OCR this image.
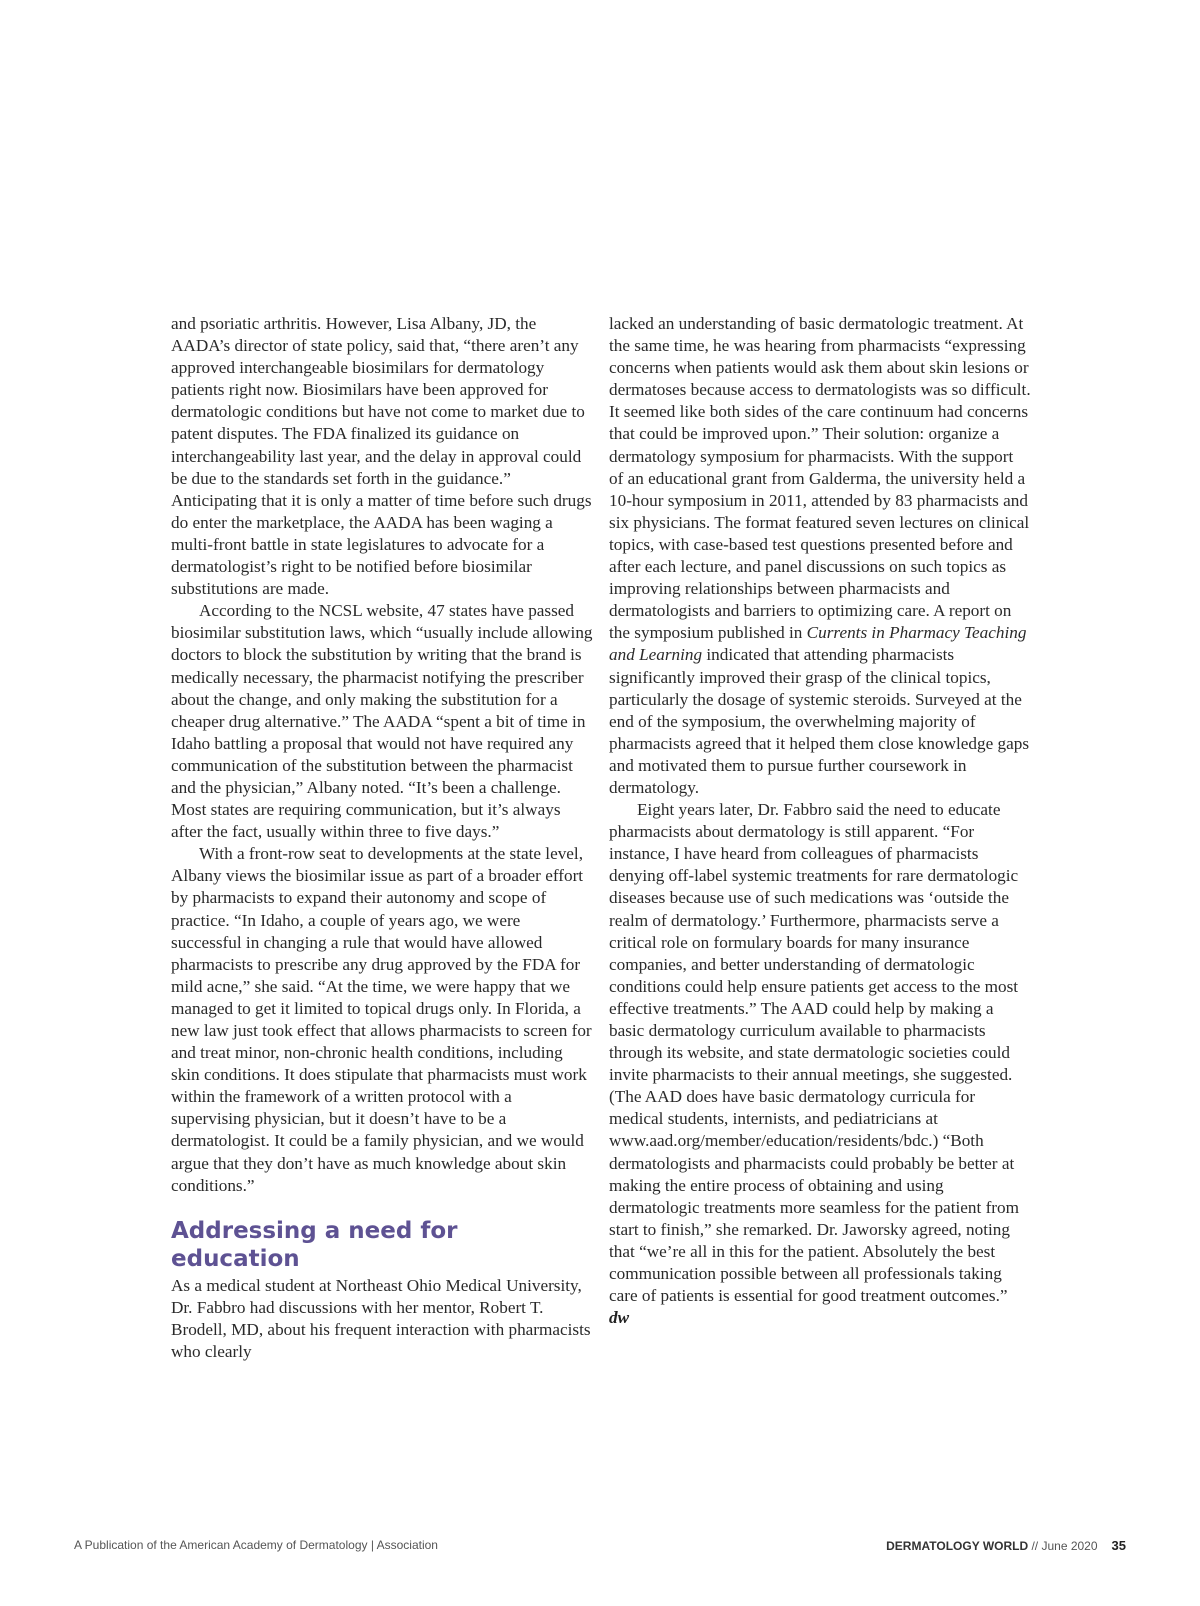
and psoriatic arthritis. However, Lisa Albany, JD, the AADA’s director of state policy, said that, “there aren’t any approved interchangeable biosimilars for dermatology patients right now. Biosimilars have been approved for dermatologic conditions but have not come to market due to patent disputes. The FDA finalized its guidance on interchangeability last year, and the delay in approval could be due to the standards set forth in the guidance.” Anticipating that it is only a matter of time before such drugs do enter the marketplace, the AADA has been waging a multi-front battle in state legislatures to advocate for a dermatologist’s right to be notified before biosimilar substitutions are made.

According to the NCSL website, 47 states have passed biosimilar substitution laws, which “usually include allowing doctors to block the substitution by writing that the brand is medically necessary, the pharmacist notifying the prescriber about the change, and only making the substitution for a cheaper drug alternative.” The AADA “spent a bit of time in Idaho battling a proposal that would not have required any communication of the substitution between the pharmacist and the physician,” Albany noted. “It’s been a challenge. Most states are requiring communication, but it’s always after the fact, usually within three to five days.”

With a front-row seat to developments at the state level, Albany views the biosimilar issue as part of a broader effort by pharmacists to expand their autonomy and scope of practice. “In Idaho, a couple of years ago, we were successful in changing a rule that would have allowed pharmacists to prescribe any drug approved by the FDA for mild acne,” she said. “At the time, we were happy that we managed to get it limited to topical drugs only. In Florida, a new law just took effect that allows pharmacists to screen for and treat minor, non-chronic health conditions, including skin conditions. It does stipulate that pharmacists must work within the framework of a written protocol with a supervising physician, but it doesn’t have to be a dermatologist. It could be a family physician, and we would argue that they don’t have as much knowledge about skin conditions.”

Addressing a need for education

As a medical student at Northeast Ohio Medical University, Dr. Fabbro had discussions with her mentor, Robert T. Brodell, MD, about his frequent interaction with pharmacists who clearly

lacked an understanding of basic dermatologic treatment. At the same time, he was hearing from pharmacists “expressing concerns when patients would ask them about skin lesions or dermatoses because access to dermatologists was so difficult. It seemed like both sides of the care continuum had concerns that could be improved upon.” Their solution: organize a dermatology symposium for pharmacists. With the support of an educational grant from Galderma, the university held a 10-hour symposium in 2011, attended by 83 pharmacists and six physicians. The format featured seven lectures on clinical topics, with case-based test questions presented before and after each lecture, and panel discussions on such topics as improving relationships between pharmacists and dermatologists and barriers to optimizing care. A report on the symposium published in Currents in Pharmacy Teaching and Learning indicated that attending pharmacists significantly improved their grasp of the clinical topics, particularly the dosage of systemic steroids. Surveyed at the end of the symposium, the overwhelming majority of pharmacists agreed that it helped them close knowledge gaps and motivated them to pursue further coursework in dermatology.

Eight years later, Dr. Fabbro said the need to educate pharmacists about dermatology is still apparent. “For instance, I have heard from colleagues of pharmacists denying off-label systemic treatments for rare dermatologic diseases because use of such medications was ‘outside the realm of dermatology.’ Furthermore, pharmacists serve a critical role on formulary boards for many insurance companies, and better understanding of dermatologic conditions could help ensure patients get access to the most effective treatments.” The AAD could help by making a basic dermatology curriculum available to pharmacists through its website, and state dermatologic societies could invite pharmacists to their annual meetings, she suggested. (The AAD does have basic dermatology curricula for medical students, internists, and pediatricians at www.aad.org/member/education/residents/bdc.) “Both dermatologists and pharmacists could probably be better at making the entire process of obtaining and using dermatologic treatments more seamless for the patient from start to finish,” she remarked. Dr. Jaworsky agreed, noting that “we’re all in this for the patient. Absolutely the best communication possible between all professionals taking care of patients is essential for good treatment outcomes.” dw

A Publication of the American Academy of Dermatology | Association	DERMATOLOGY WORLD // June 2020 35
